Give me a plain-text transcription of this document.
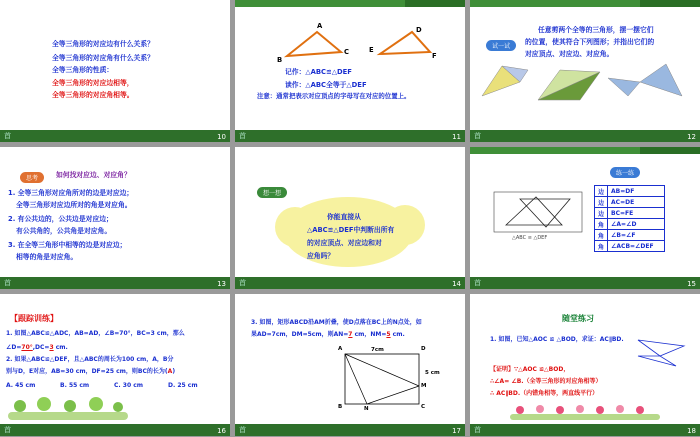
全等三角形的对应边有什么关系？
全等三角形的对应角有什么关系？
全等三角形的性质：
全等三角形的对应边相等，
全等三角形的对应角相等。
首	10
A
B
C
D
E
F
记作：△ABC≌△DEF
读作：△ABC全等于△DEF
注意：通常把表示对应顶点的字母写在对应的位置上。
首	11
试一试
任意剪两个全等的三角形，摆一摆它们
的位置，使其符合下列图形；并指出它们的
对应顶点、对应边、对应角。
首	12
思考	如何找对应边、对应角？
1. 全等三角形对应角所对的边是对应边；
全等三角形对应边所对的角是对应角。
2. 有公共边的，公共边是对应边；
有公共角的，公共角是对应角。
3. 在全等三角形中相等的边是对应边；
相等的角是对应角。
首	13
想一想
你能直接从
△ABC≌△DEF中判断出所有
的对应顶点、对应边和对
应角吗？
首	14
练一练
△ABC ≌ △DEF
边	AB=DF
边	AC=DE
边	BC=FE
角	∠A=∠D
角	∠B=∠F
角	∠ACB=∠DEF
首	15
【跟踪训练】
1. 如图△ABC≌△ADC，AB=AD，∠B=70°，BC=3 cm，那么
∠D=70°,DC=3 cm.
2. 如果△ABC≌△DEF，且△ABC的周长为100 cm，A，B分
别与D，E对应，AB=30 cm，DF=25 cm，则BC的长为(A)
A. 45 cm	B. 55 cm	C. 30 cm	D. 25 cm
首	16
3. 如图，矩形ABCD沿AM折叠，使D点落在BC上的N点处，如
果AD=7cm，DM=5cm，则AN=7 cm，NM=5 cm.
A	D
B	N	C
M
7cm
5 cm
首	17
随堂练习
1. 如图，已知△AOC ≌ △BOD，求证：AC∥BD.
【证明】∵△AOC ≌△BOD，
∴∠A= ∠B.（全等三角形的对应角相等）
∴ AC∥BD.（内错角相等，两直线平行）
首	18
